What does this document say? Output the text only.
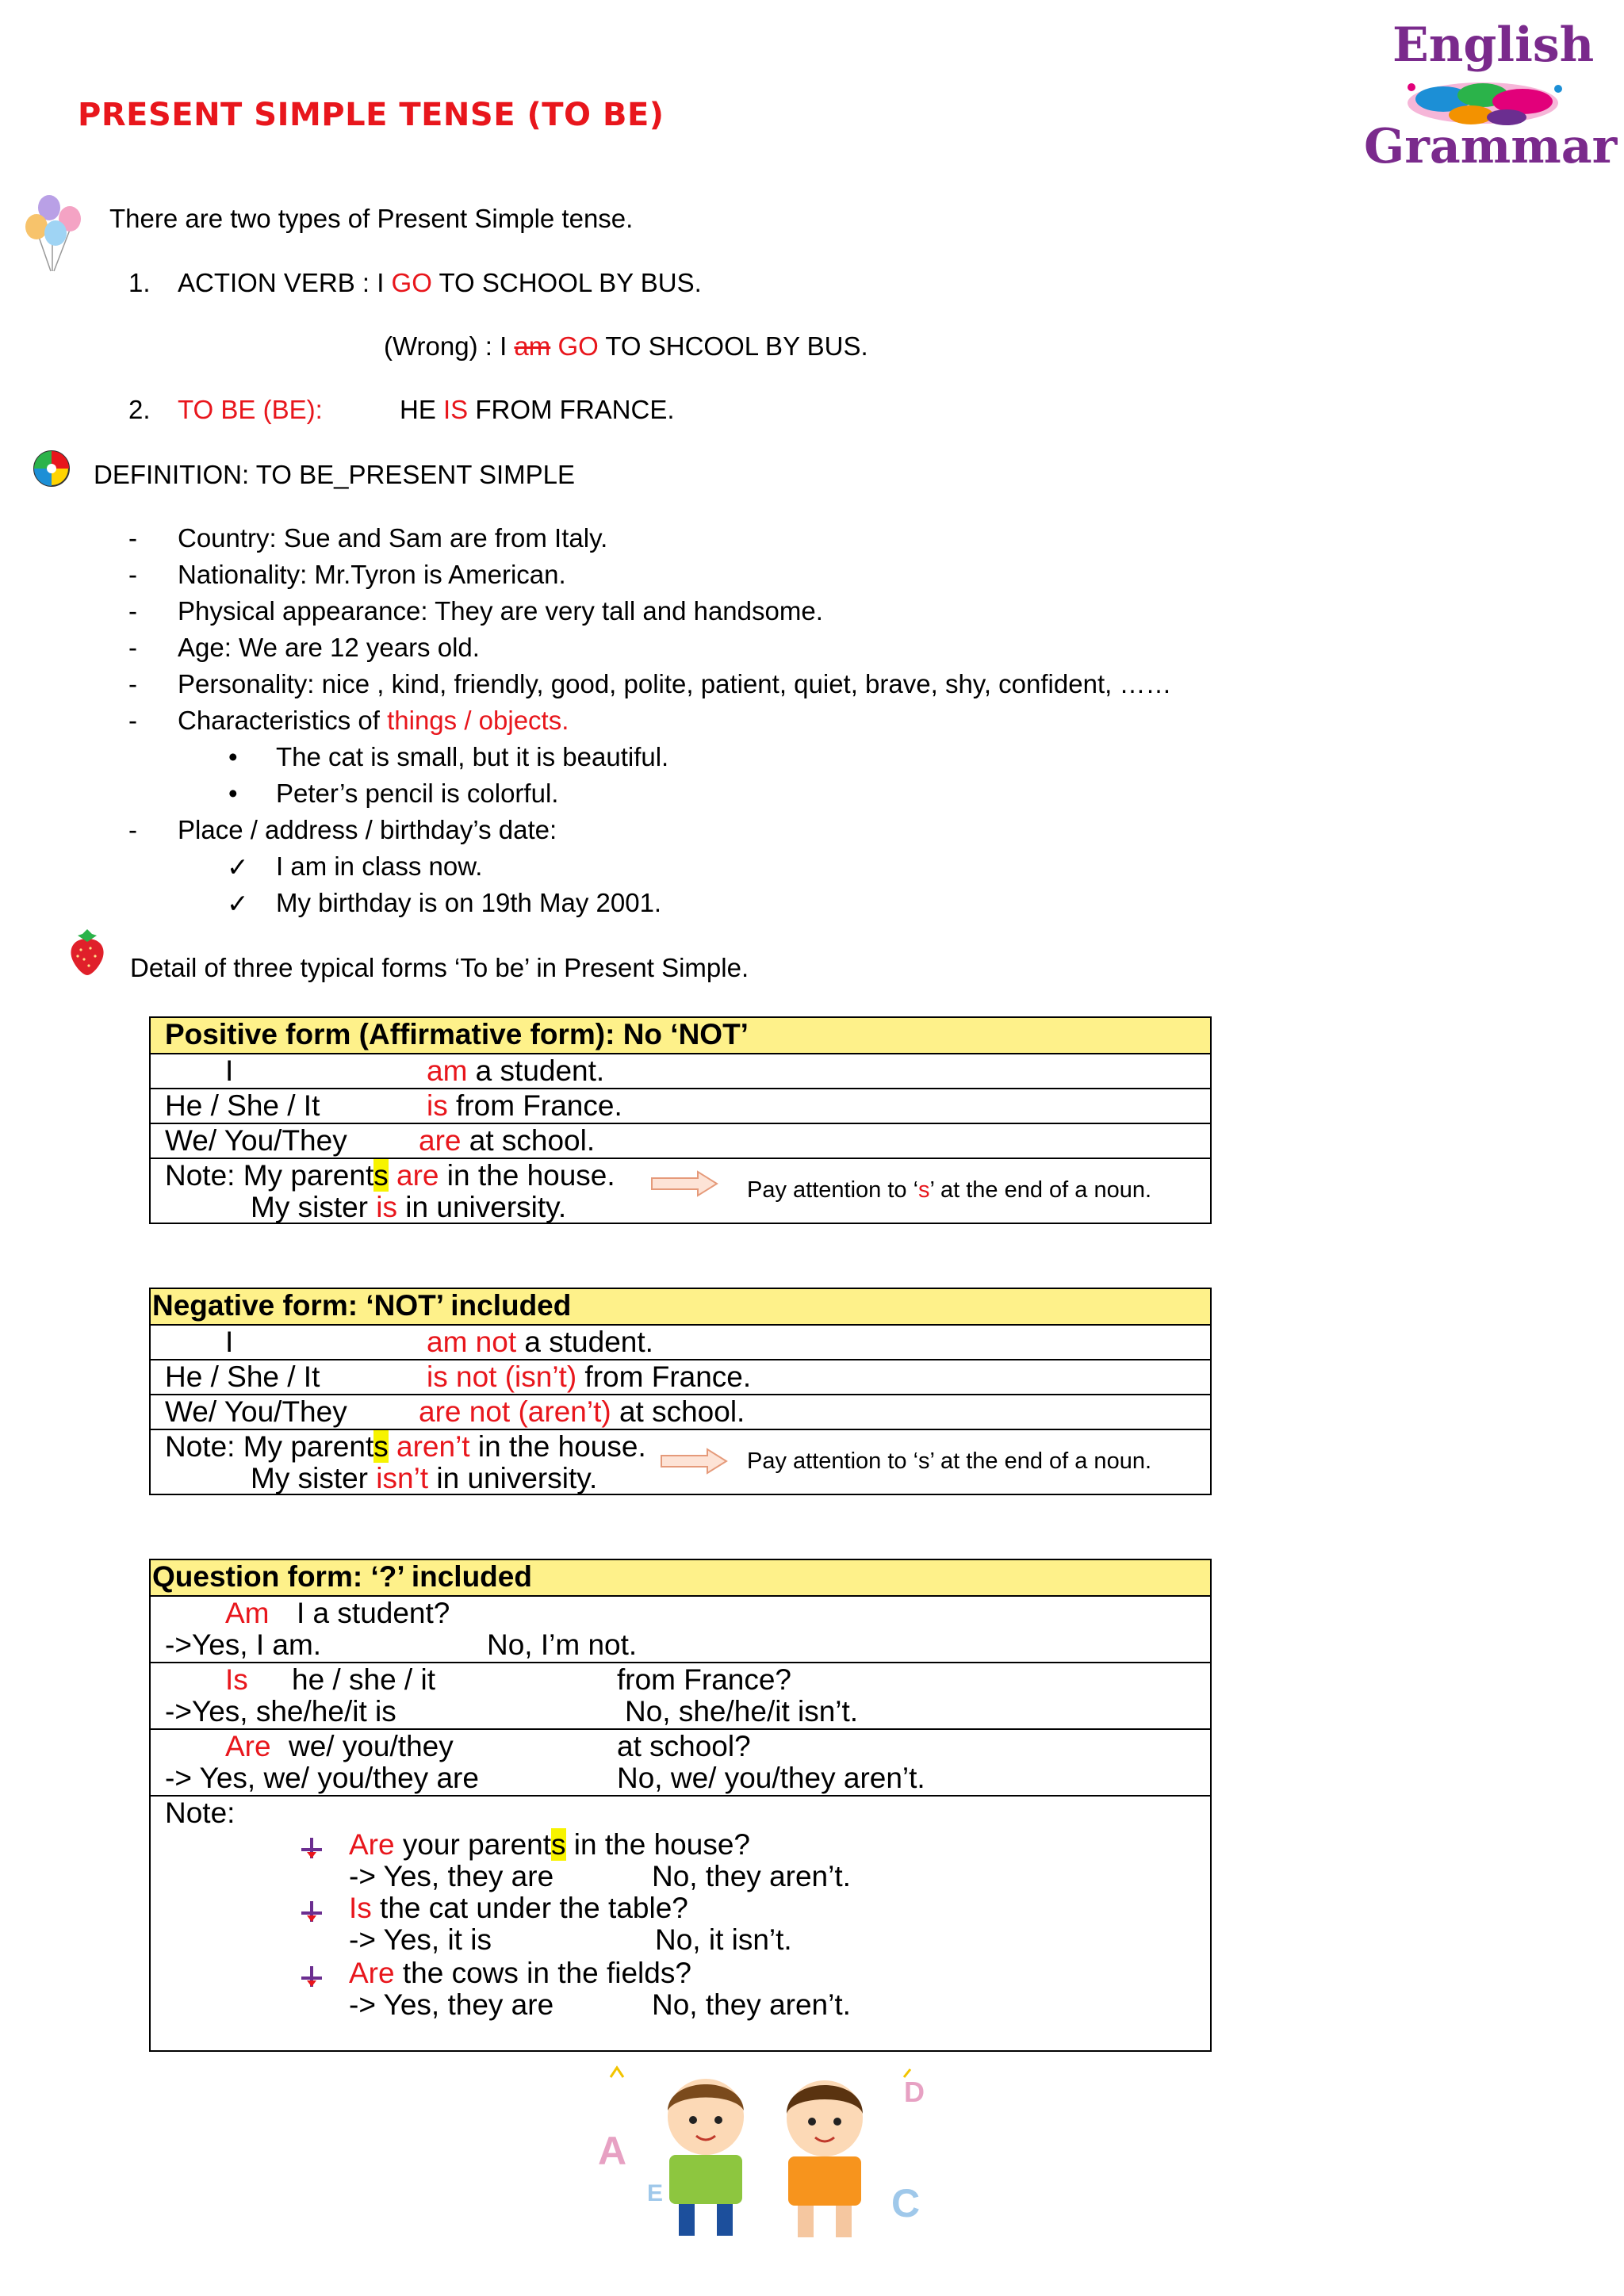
PRESENT SIMPLE TENSE (TO BE)
English
Grammar
There are two types of Present Simple tense.
1. ACTION VERB : I GO TO SCHOOL BY BUS.
(Wrong) : I am GO TO SHCOOL BY BUS.
2. TO BE (BE):	HE IS FROM FRANCE.
DEFINITION: TO BE_PRESENT SIMPLE
- Country: Sue and Sam are from Italy.
- Nationality: Mr.Tyron is American.
- Physical appearance: They are very tall and handsome.
- Age: We are 12 years old.
- Personality: nice , kind, friendly, good, polite, patient, quiet, brave, shy, confident, ……
- Characteristics of things / objects.
• The cat is small, but it is beautiful.
• Peter’s pencil is colorful.
- Place / address / birthday’s date:
✓ I am in class now.
✓ My birthday is on 19th May 2001.
Detail of three typical forms ‘To be’ in Present Simple.
Positive form (Affirmative form): No ‘NOT’
I	am a student.
He / She / It	is from France.
We/ You/They are at school.
Note: My parents are in the house.
My sister is in university.
Pay attention to ‘s’ at the end of a noun.
Negative form: ‘NOT’ included
I	am not a student.
He / She / It	is not (isn’t) from France.
We/ You/They are not (aren’t) at school.
Note: My parents aren’t in the house.
My sister isn’t in university.
Pay attention to ‘s’ at the end of a noun.
Question form: ‘?’ included
Am I a student?
->Yes, I am.	No, I’m not.
Is he / she / it	from France?
->Yes, she/he/it is	No, she/he/it isn’t.
Are we/ you/they	at school?
-> Yes, we/ you/they are	No, we/ you/they aren’t.
Note:
Are your parents in the house?
-> Yes, they are	No, they aren’t.
Is the cat under the table?
-> Yes, it is	No, it isn’t.
Are the cows in the fields?
-> Yes, they are	No, they aren’t.
A
E
D
C
